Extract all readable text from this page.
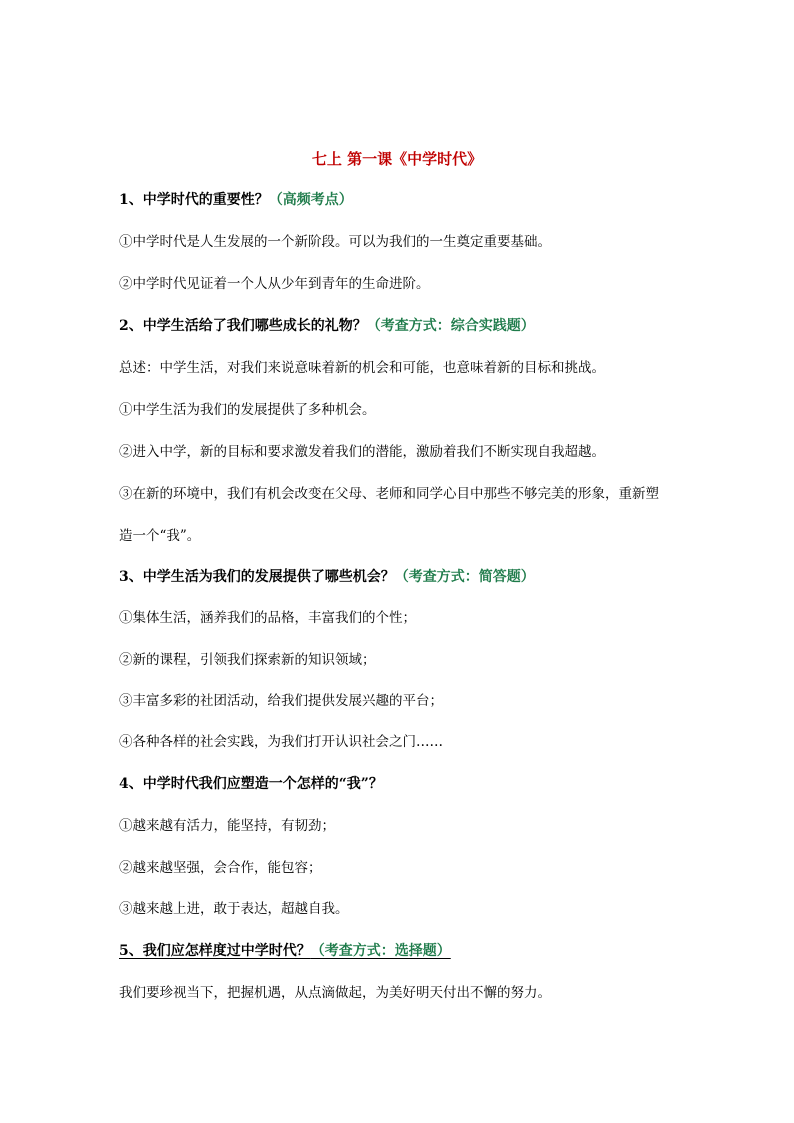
七上 第一课《中学时代》
1、中学时代的重要性？（高频考点）
①中学时代是人生发展的一个新阶段。可以为我们的一生奠定重要基础。
②中学时代见证着一个人从少年到青年的生命进阶。
2、中学生活给了我们哪些成长的礼物？（考查方式：综合实践题）
总述：中学生活，对我们来说意味着新的机会和可能，也意味着新的目标和挑战。
①中学生活为我们的发展提供了多种机会。
②进入中学，新的目标和要求激发着我们的潜能，激励着我们不断实现自我超越。
③在新的环境中，我们有机会改变在父母、老师和同学心目中那些不够完美的形象，重新塑
造一个“我”。
3、中学生活为我们的发展提供了哪些机会？（考查方式：简答题）
①集体生活，涵养我们的品格，丰富我们的个性；
②新的课程，引领我们探索新的知识领域；
③丰富多彩的社团活动，给我们提供发展兴趣的平台；
④各种各样的社会实践，为我们打开认识社会之门……
4、中学时代我们应塑造一个怎样的“我”？
①越来越有活力，能坚持，有韧劲；
②越来越坚强，会合作，能包容；
③越来越上进，敢于表达，超越自我。
5、我们应怎样度过中学时代？（考查方式：选择题）
我们要珍视当下，把握机遇，从点滴做起，为美好明天付出不懈的努力。
